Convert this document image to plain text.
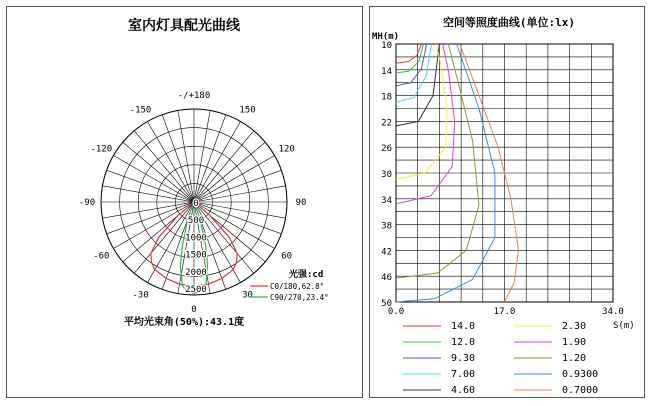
室内灯具配光曲线
-/+180
150
120
90
60
30
0
-30
-60
-90
-120
-150
0
500
1000
1500
2000
2500
光强:cd
C0/180,62.8°
C90/270,23.4°
平均光束角(50%):43.1度
空间等照度曲线(单位:lx)
MH(m)
S(m)
10
14
18
22
26
30
34
38
42
46
50
0.0	17.0	34.0
14.0
12.0
9.30
7.00
4.60
2.30
1.90
1.20
0.9300
0.7000
